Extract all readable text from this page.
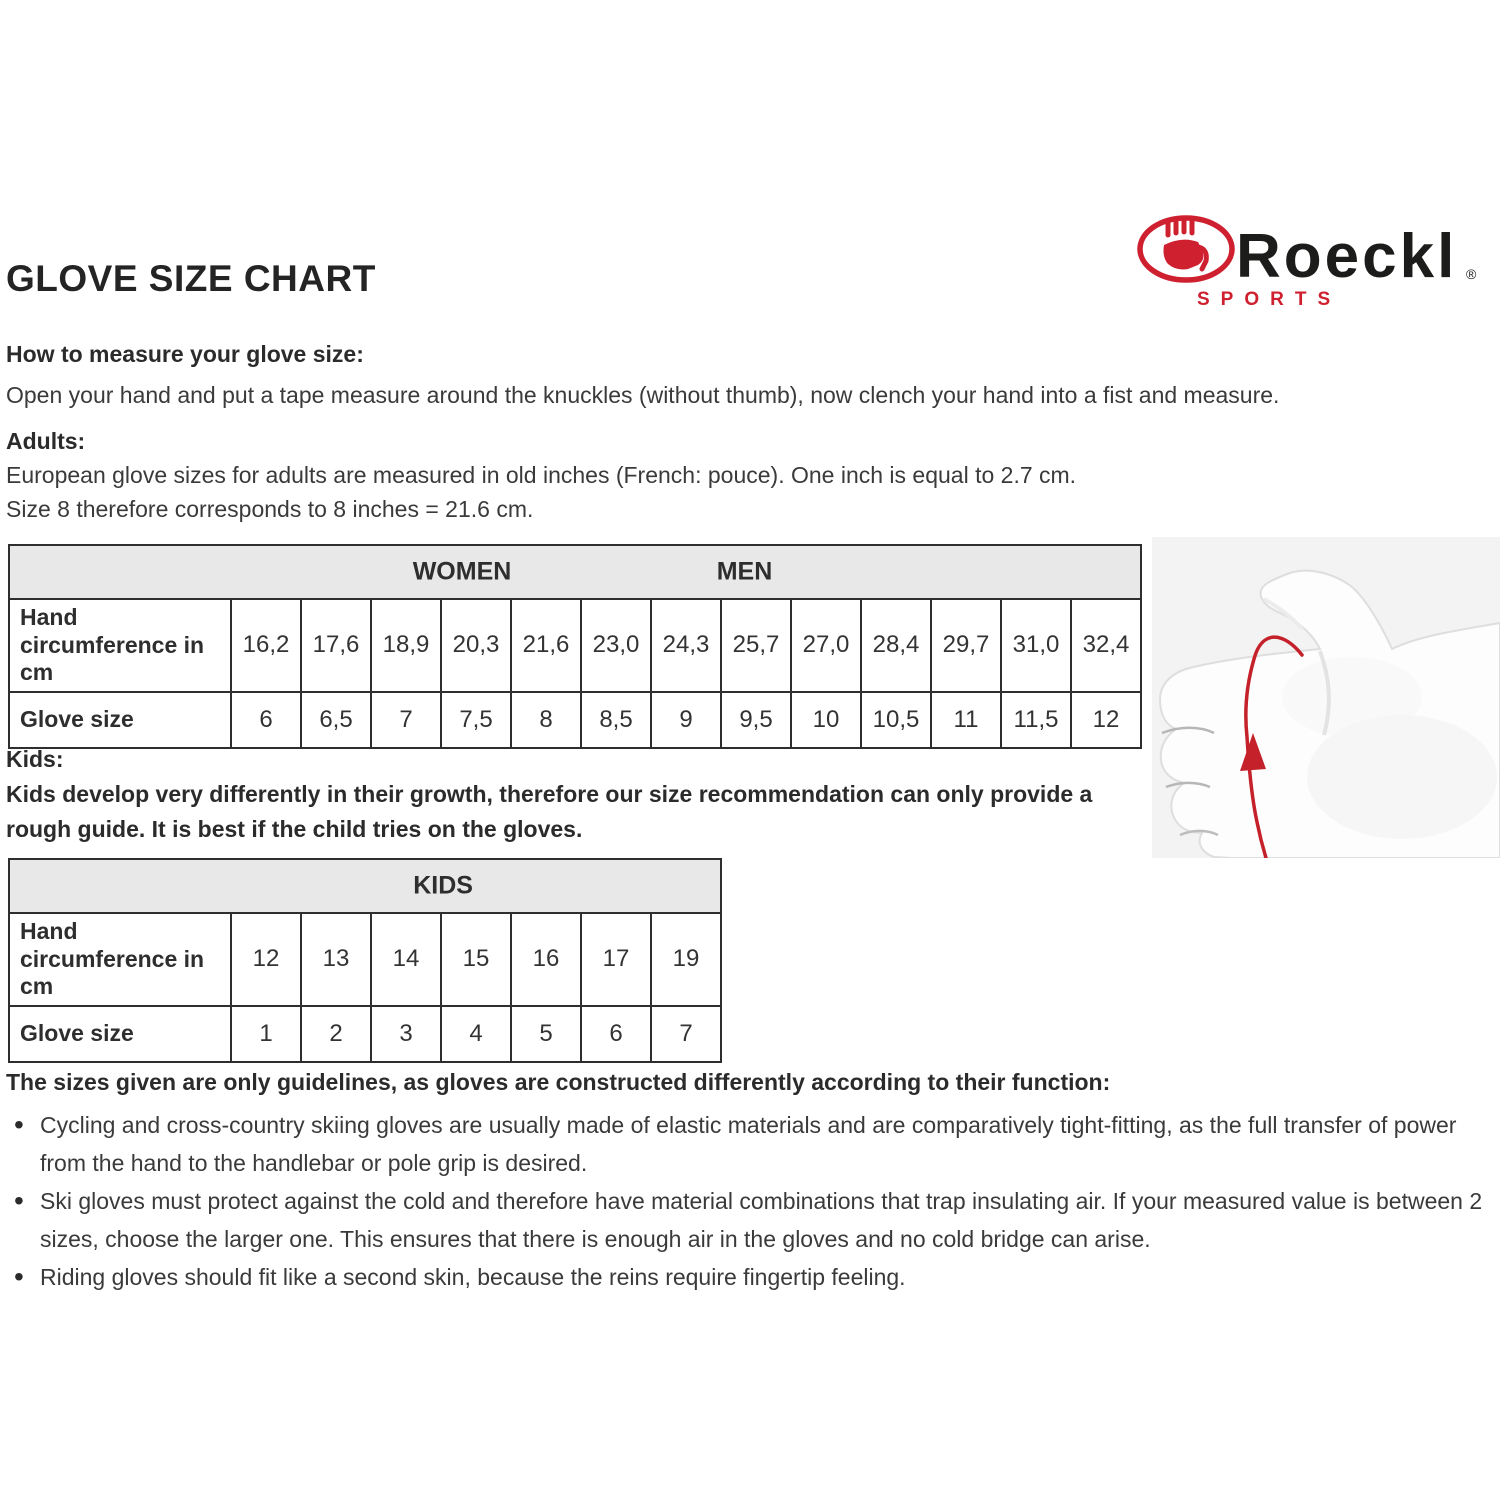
GLOVE SIZE CHART	Roeckl ®
SPORTS

How to measure your glove size:

Open your hand and put a tape measure around the knuckles (without thumb), now clench your hand into a fist and measure.

Adults:

European glove sizes for adults are measured in old inches (French: pouce). One inch is equal to 2.7 cm.

Size 8 therefore corresponds to 8 inches = 21.6 cm.

WOMEN MEN													

Hand circumference in cm	16,2	17,6	18,9	20,3	21,6	23,0	24,3	25,7	27,0	28,4	29,7	31,0	32,4
Glove size	6	6,5	7	7,5	8	8,5	9	9,5	10	10,5	11	11,5	12

Kids:

Kids develop very differently in their growth, therefore our size recommendation can only provide a rough guide. It is best if the child tries on the gloves.

KIDS							

Hand circumference in cm	12	13	14	15	16	17	19
Glove size	1	2	3	4	5	6	7

The sizes given are only guidelines, as gloves are constructed differently according to their function:

• Cycling and cross-country skiing gloves are usually made of elastic materials and are comparatively tight-fitting, as the full transfer of power from the hand to the handlebar or pole grip is desired.
• Ski gloves must protect against the cold and therefore have material combinations that trap insulating air. If your measured value is between 2 sizes, choose the larger one. This ensures that there is enough air in the gloves and no cold bridge can arise.
• Riding gloves should fit like a second skin, because the reins require fingertip feeling.
